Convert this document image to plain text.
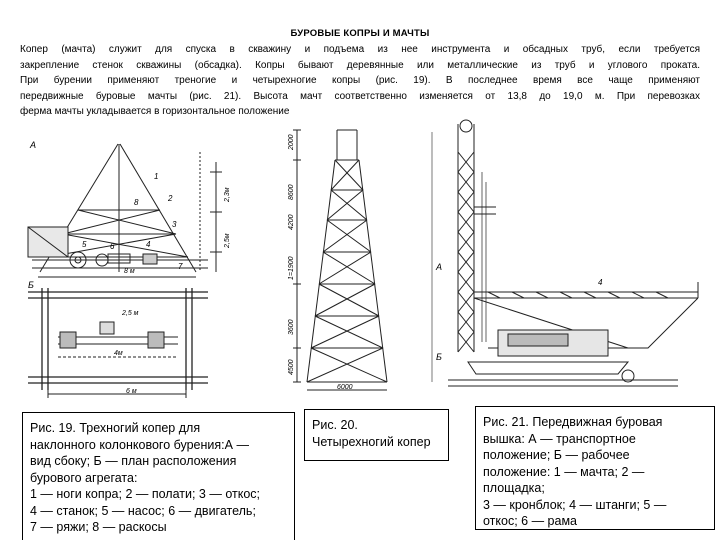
БУРОВЫЕ КОПРЫ И МАЧТЫ
Копер (мачта) служит для спуска в скважину и подъема из нее инструмента и обсадных труб, если требуется
закрепление стенок скважины (обсадка). Копры бывают деревянные или металлические из труб и углового проката.
При бурении применяют треногие и четырехногие копры (рис. 19). В последнее время все чаще применяют
передвижные буровые мачты (рис. 21). Высота мачт соответственно изменяется от 13,8 до 19,0 м. При перевозках
ферма мачты укладывается в горизонтальное положение
А
Б
1
2
3
4
5	6
7
8
8 м
2,3м
2,5м
6 м
2,5 м
4м
2000
8600
1=1900
4200
3600
4500
6000
А
Б
4
Рис. 19. Трехногий копер для
наклонного колонкового бурения:А —
вид сбоку; Б — план расположения
бурового агрегата:
1 — ноги копра; 2 — полати; 3 — откос;
4 — станок; 5 — насос; 6 — двигатель;
7 — ряжи; 8 — раскосы
Рис. 20.
Четырехногий копер
Рис. 21. Передвижная буровая
вышка: А — транспортное
положение; Б — рабочее
положение: 1 — мачта; 2 —
площадка;
3 — кронблок; 4 — штанги; 5 —
откос; 6 — рама
